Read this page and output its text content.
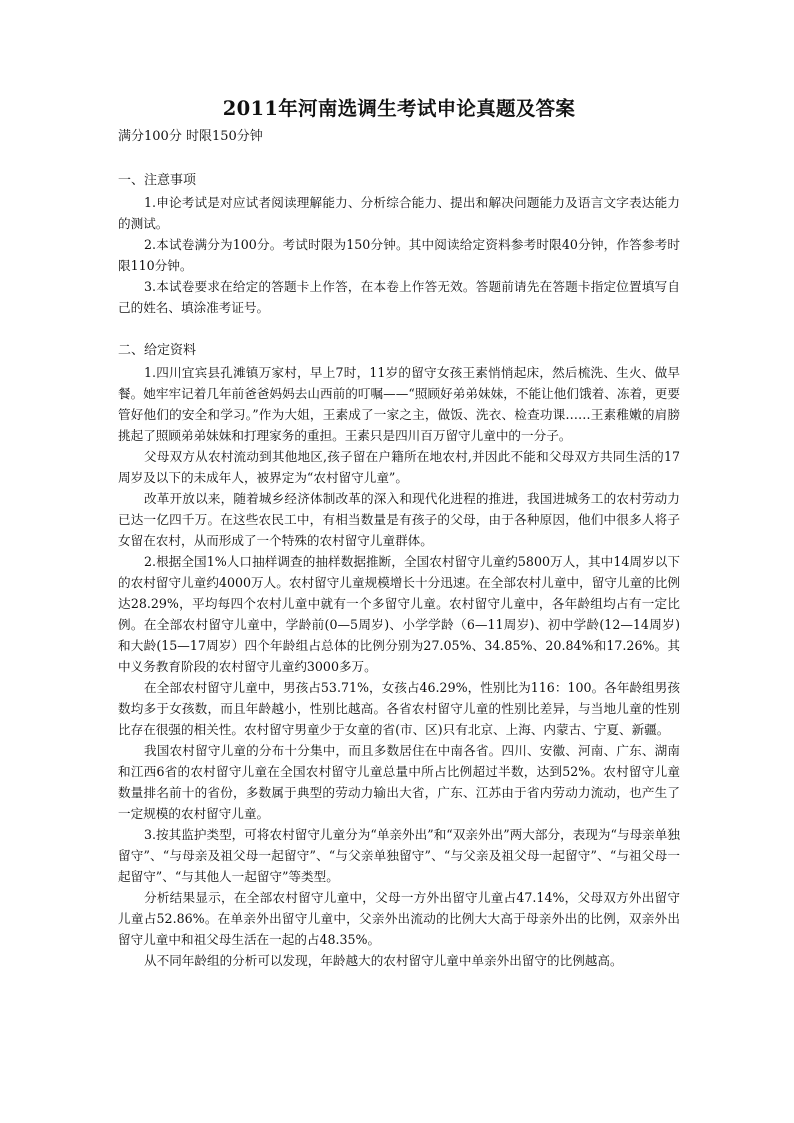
2011年河南选调生考试申论真题及答案

满分100分 时限150分钟

一、注意事项

1.申论考试是对应试者阅读理解能力、分析综合能力、提出和解决问题能力及语言文字表达能力的测试。

2.本试卷满分为100分。考试时限为150分钟。其中阅读给定资料参考时限40分钟，作答参考时限110分钟。

3.本试卷要求在给定的答题卡上作答，在本卷上作答无效。答题前请先在答题卡指定位置填写自己的姓名、填涂准考证号。

二、给定资料

1.四川宜宾县孔滩镇万家村，早上7时，11岁的留守女孩王素悄悄起床，然后梳洗、生火、做早餐。她牢牢记着几年前爸爸妈妈去山西前的叮嘱——“照顾好弟弟妹妹，不能让他们饿着、冻着，更要管好他们的安全和学习。”作为大姐，王素成了一家之主，做饭、洗衣、检查功课……王素稚嫩的肩膀挑起了照顾弟弟妹妹和打理家务的重担。王素只是四川百万留守儿童中的一分子。

父母双方从农村流动到其他地区,孩子留在户籍所在地农村,并因此不能和父母双方共同生活的17周岁及以下的未成年人，被界定为“农村留守儿童”。

改革开放以来，随着城乡经济体制改革的深入和现代化进程的推进，我国进城务工的农村劳动力已达一亿四千万。在这些农民工中，有相当数量是有孩子的父母，由于各种原因，他们中很多人将子女留在农村，从而形成了一个特殊的农村留守儿童群体。

2.根据全国1%人口抽样调查的抽样数据推断，全国农村留守儿童约5800万人，其中14周岁以下的农村留守儿童约4000万人。农村留守儿童规模增长十分迅速。在全部农村儿童中，留守儿童的比例达28.29%，平均每四个农村儿童中就有一个多留守儿童。农村留守儿童中，各年龄组均占有一定比例。在全部农村留守儿童中，学龄前(0—5周岁)、小学学龄（6—11周岁)、初中学龄(12—14周岁)和大龄(15—17周岁）四个年龄组占总体的比例分别为27.05%、34.85%、20.84%和17.26%。其中义务教育阶段的农村留守儿童约3000多万。

在全部农村留守儿童中，男孩占53.71%，女孩占46.29%，性别比为116：100。各年龄组男孩数均多于女孩数，而且年龄越小，性别比越高。各省农村留守儿童的性别比差异，与当地儿童的性别比存在很强的相关性。农村留守男童少于女童的省(市、区)只有北京、上海、内蒙古、宁夏、新疆。

我国农村留守儿童的分布十分集中，而且多数居住在中南各省。四川、安徽、河南、广东、湖南和江西6省的农村留守儿童在全国农村留守儿童总量中所占比例超过半数，达到52%。农村留守儿童数量排名前十的省份，多数属于典型的劳动力输出大省，广东、江苏由于省内劳动力流动，也产生了一定规模的农村留守儿童。

3.按其监护类型，可将农村留守儿童分为“单亲外出”和“双亲外出”两大部分，表现为“与母亲单独留守”、“与母亲及祖父母一起留守”、“与父亲单独留守”、“与父亲及祖父母一起留守”、“与祖父母一起留守”、“与其他人一起留守”等类型。

分析结果显示，在全部农村留守儿童中，父母一方外出留守儿童占47.14%，父母双方外出留守儿童占52.86%。在单亲外出留守儿童中，父亲外出流动的比例大大高于母亲外出的比例，双亲外出留守儿童中和祖父母生活在一起的占48.35%。

从不同年龄组的分析可以发现，年龄越大的农村留守儿童中单亲外出留守的比例越高。
